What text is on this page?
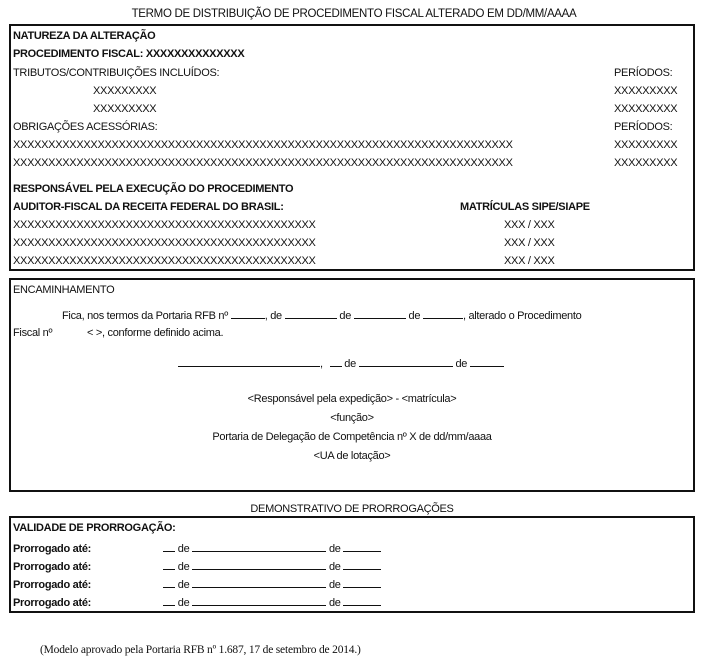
TERMO DE DISTRIBUIÇÃO DE PROCEDIMENTO FISCAL ALTERADO EM DD/MM/AAAA
NATUREZA DA ALTERAÇÃO
PROCEDIMENTO FISCAL: XXXXXXXXXXXXXX
TRIBUTOS/CONTRIBUIÇÕES INCLUÍDOS:	PERÍODOS:
XXXXXXXXX	XXXXXXXXX
XXXXXXXXX	XXXXXXXXX
OBRIGAÇÕES ACESSÓRIAS:	PERÍODOS:
XXXXXXXXXXXXXXXXXXXXXXXXXXXXXXXXXXXXXXXXXXXXXXXXXXXXXXXXXXXXXXXXXXXXXXX	XXXXXXXXX
XXXXXXXXXXXXXXXXXXXXXXXXXXXXXXXXXXXXXXXXXXXXXXXXXXXXXXXXXXXXXXXXXXXXXXX	XXXXXXXXX
RESPONSÁVEL PELA EXECUÇÃO DO PROCEDIMENTO
AUDITOR-FISCAL DA RECEITA FEDERAL DO BRASIL:	MATRÍCULAS SIPE/SIAPE
XXXXXXXXXXXXXXXXXXXXXXXXXXXXXXXXXXXXXXXXXXX	XXX / XXX
XXXXXXXXXXXXXXXXXXXXXXXXXXXXXXXXXXXXXXXXXXX	XXX / XXX
XXXXXXXXXXXXXXXXXXXXXXXXXXXXXXXXXXXXXXXXXXX	XXX / XXX
ENCAMINHAMENTO
Fica, nos termos da Portaria RFB nº	, de	de	de	, alterado o Procedimento
Fiscal nº	< >, conforme definido acima.
, de	de
<Responsável pela expedição> - <matrícula>
<função>
Portaria de Delegação de Competência nº X de dd/mm/aaaa
<UA de lotação>
DEMONSTRATIVO DE PRORROGAÇÕES
VALIDADE DE PRORROGAÇÃO:
Prorrogado até:	de	de
Prorrogado até:	de	de
Prorrogado até:	de	de
Prorrogado até:	de	de
(Modelo aprovado pela Portaria RFB nº 1.687, 17 de setembro de 2014.)
